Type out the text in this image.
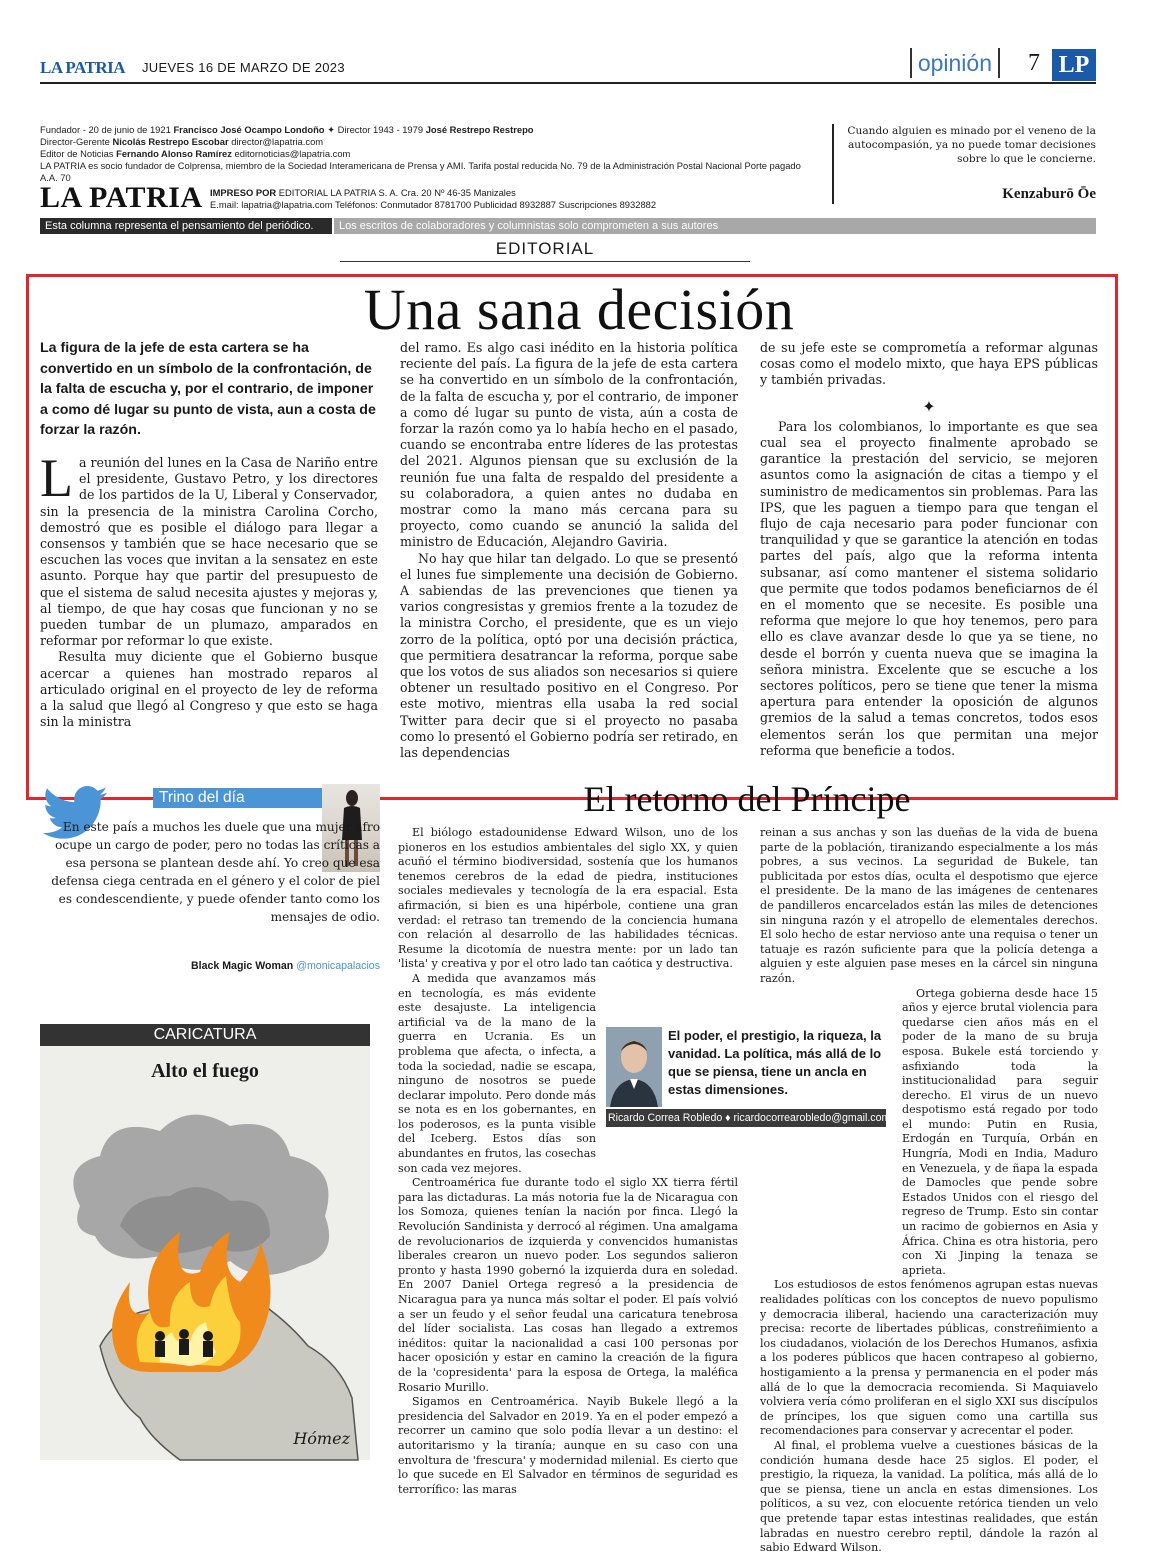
LA PATRIA JUEVES 16 DE MARZO DE 2023	opinión	7 LP
Fundador - 20 de junio de 1921 Francisco José Ocampo Londoño ✦ Director 1943 - 1979 José Restrepo Restrepo
Director-Gerente Nicolás Restrepo Escobar director@lapatria.com
Editor de Noticias Fernando Alonso Ramírez editornoticias@lapatria.com
LA PATRIA es socio fundador de Colprensa, miembro de la Sociedad Interamericana de Prensa y AMI. Tarifa postal reducida No. 79 de la Administración Postal Nacional Porte pagado A.A. 70
LA PATRIA IMPRESO POR EDITORIAL LA PATRIA S. A. Cra. 20 Nº 46-35 Manizales
E.mail: lapatria@lapatria.com Teléfonos: Conmutador 8781700 Publicidad 8932887 Suscripciones 8932882
Esta columna representa el pensamiento del periódico.	Los escritos de colaboradores y columnistas solo comprometen a sus autores
Cuando alguien es minado por el veneno de la autocompasión, ya no puede tomar decisiones sobre lo que le concierne.
Kenzaburō Ōe
EDITORIAL
Una sana decisión
La figura de la jefe de esta cartera se ha convertido en un símbolo de la confrontación, de la falta de escucha y, por el contrario, de imponer a como dé lugar su punto de vista, aun a costa de forzar la razón.

La reunión del lunes en la Casa de Nariño entre el presidente, Gustavo Petro, y los directores de los partidos de la U, Liberal y Conservador, sin la presencia de la ministra Carolina Corcho, demostró que es posible el diálogo para llegar a consensos y también que se hace necesario que se escuchen las voces que invitan a la sensatez en este asunto. Porque hay que partir del presupuesto de que el sistema de salud necesita ajustes y mejoras y, al tiempo, de que hay cosas que funcionan y no se pueden tumbar de un plumazo, amparados en reformar por reformar lo que existe.

Resulta muy diciente que el Gobierno busque acercar a quienes han mostrado reparos al articulado original en el proyecto de ley de reforma a la salud que llegó al Congreso y que esto se haga sin la ministra

del ramo. Es algo casi inédito en la historia política reciente del país. La figura de la jefe de esta cartera se ha convertido en un símbolo de la confrontación, de la falta de escucha y, por el contrario, de imponer a como dé lugar su punto de vista, aún a costa de forzar la razón como ya lo había hecho en el pasado, cuando se encontraba entre líderes de las protestas del 2021. Algunos piensan que su exclusión de la reunión fue una falta de respaldo del presidente a su colaboradora, a quien antes no dudaba en mostrar como la mano más cercana para su proyecto, como cuando se anunció la salida del ministro de Educación, Alejandro Gaviria.

No hay que hilar tan delgado. Lo que se presentó el lunes fue simplemente una decisión de Gobierno. A sabiendas de las prevenciones que tienen ya varios congresistas y gremios frente a la tozudez de la ministra Corcho, el presidente, que es un viejo zorro de la política, optó por una decisión práctica, que permitiera desatrancar la reforma, porque sabe que los votos de sus aliados son necesarios si quiere obtener un resultado positivo en el Congreso. Por este motivo, mientras ella usaba la red social Twitter para decir que si el proyecto no pasaba como lo presentó el Gobierno podría ser retirado, en las dependencias

de su jefe este se comprometía a reformar algunas cosas como el modelo mixto, que haya EPS públicas y también privadas.

✦

Para los colombianos, lo importante es que sea cual sea el proyecto finalmente aprobado se garantice la prestación del servicio, se mejoren asuntos como la asignación de citas a tiempo y el suministro de medicamentos sin problemas. Para las IPS, que les paguen a tiempo para que tengan el flujo de caja necesario para poder funcionar con tranquilidad y que se garantice la atención en todas partes del país, algo que la reforma intenta subsanar, así como mantener el sistema solidario que permite que todos podamos beneficiarnos de él en el momento que se necesite. Es posible una reforma que mejore lo que hoy tenemos, pero para ello es clave avanzar desde lo que ya se tiene, no desde el borrón y cuenta nueva que se imagina la señora ministra. Excelente que se escuche a los sectores políticos, pero se tiene que tener la misma apertura para entender la oposición de algunos gremios de la salud a temas concretos, todos esos elementos serán los que permitan una mejor reforma que beneficie a todos.

Trino del día
En este país a muchos les duele que una mujer afro ocupe un cargo de poder, pero no todas las críticas a esa persona se plantean desde ahí. Yo creo que esa defensa ciega centrada en el género y el color de piel es condescendiente, y puede ofender tanto como los mensajes de odio.
Black Magic Woman @monicapalacios
CARICATURA
Alto el fuego
Hómez
El retorno del Príncipe

El biólogo estadounidense Edward Wilson, uno de los pioneros en los estudios ambientales del siglo XX, y quien acuñó el término biodiversidad, sostenía que los humanos tenemos cerebros de la edad de piedra, instituciones sociales medievales y tecnología de la era espacial. Esta afirmación, si bien es una hipérbole, contiene una gran verdad: el retraso tan tremendo de la conciencia humana con relación al desarrollo de las habilidades técnicas. Resume la dicotomía de nuestra mente: por un lado tan 'lista' y creativa y por el otro lado tan caótica y destructiva.

A medida que avanzamos más en tecnología, es más evidente este desajuste. La inteligencia artificial va de la mano de la guerra en Ucrania. Es un problema que afecta, o infecta, a toda la sociedad, nadie se escapa, ninguno de nosotros se puede declarar impoluto. Pero donde más se nota es en los gobernantes, en los poderosos, es la punta visible del Iceberg. Estos días son abundantes en frutos, las cosechas son cada vez mejores.

Centroamérica fue durante todo el siglo XX tierra fértil para las dictaduras. La más notoria fue la de Nicaragua con los Somoza, quienes tenían la nación por finca. Llegó la Revolución Sandinista y derrocó al régimen. Una amalgama de revolucionarios de izquierda y convencidos humanistas liberales crearon un nuevo poder. Los segundos salieron pronto y hasta 1990 gobernó la izquierda dura en soledad. En 2007 Daniel Ortega regresó a la presidencia de Nicaragua para ya nunca más soltar el poder. El país volvió a ser un feudo y el señor feudal una caricatura tenebrosa del líder socialista. Las cosas han llegado a extremos inéditos: quitar la nacionalidad a casi 100 personas por hacer oposición y estar en camino la creación de la figura de la 'copresidenta' para la esposa de Ortega, la maléfica Rosario Murillo.

Sigamos en Centroamérica. Nayib Bukele llegó a la presidencia del Salvador en 2019. Ya en el poder empezó a recorrer un camino que solo podía llevar a un destino: el autoritarismo y la tiranía; aunque en su caso con una envoltura de 'frescura' y modernidad milenial. Es cierto que lo que sucede en El Salvador en términos de seguridad es terrorífico: las maras

reinan a sus anchas y son las dueñas de la vida de buena parte de la población, tiranizando especialmente a los más pobres, a sus vecinos. La seguridad de Bukele, tan publicitada por estos días, oculta el despotismo que ejerce el presidente. De la mano de las imágenes de centenares de pandilleros encarcelados están las miles de detenciones sin ninguna razón y el atropello de elementales derechos. El solo hecho de estar nervioso ante una requisa o tener un tatuaje es razón suficiente para que la policía detenga a alguien y este alguien pase meses en la cárcel sin ninguna razón.

Ortega gobierna desde hace 15 años y ejerce brutal violencia para quedarse cien años más en el poder de la mano de su bruja esposa. Bukele está torciendo y asfixiando toda la institucionalidad para seguir derecho. El virus de un nuevo despotismo está regado por todo el mundo: Putin en Rusia, Erdogán en Turquía, Orbán en Hungría, Modi en India, Maduro en Venezuela, y de ñapa la espada de Damocles que pende sobre Estados Unidos con el riesgo del regreso de Trump. Esto sin contar un racimo de gobiernos en Asia y África. China es otra historia, pero con Xi Jinping la tenaza se aprieta.

Los estudiosos de estos fenómenos agrupan estas nuevas realidades políticas con los conceptos de nuevo populismo y democracia iliberal, haciendo una caracterización muy precisa: recorte de libertades públicas, constreñimiento a los ciudadanos, violación de los Derechos Humanos, asfixia a los poderes públicos que hacen contrapeso al gobierno, hostigamiento a la prensa y permanencia en el poder más allá de lo que la democracia recomienda. Si Maquiavelo volviera vería cómo proliferan en el siglo XXI sus discípulos de príncipes, los que siguen como una cartilla sus recomendaciones para conservar y acrecentar el poder.

Al final, el problema vuelve a cuestiones básicas de la condición humana desde hace 25 siglos. El poder, el prestigio, la riqueza, la vanidad. La política, más allá de lo que se piensa, tiene un ancla en estas dimensiones. Los políticos, a su vez, con elocuente retórica tienden un velo que pretende tapar estas intestinas realidades, que están labradas en nuestro cerebro reptil, dándole la razón al sabio Edward Wilson.

El poder, el prestigio, la riqueza, la vanidad. La política, más allá de lo que se piensa, tiene un ancla en estas dimensiones.
Ricardo Correa Robledo ♦ ricardocorrearobledo@gmail.com
